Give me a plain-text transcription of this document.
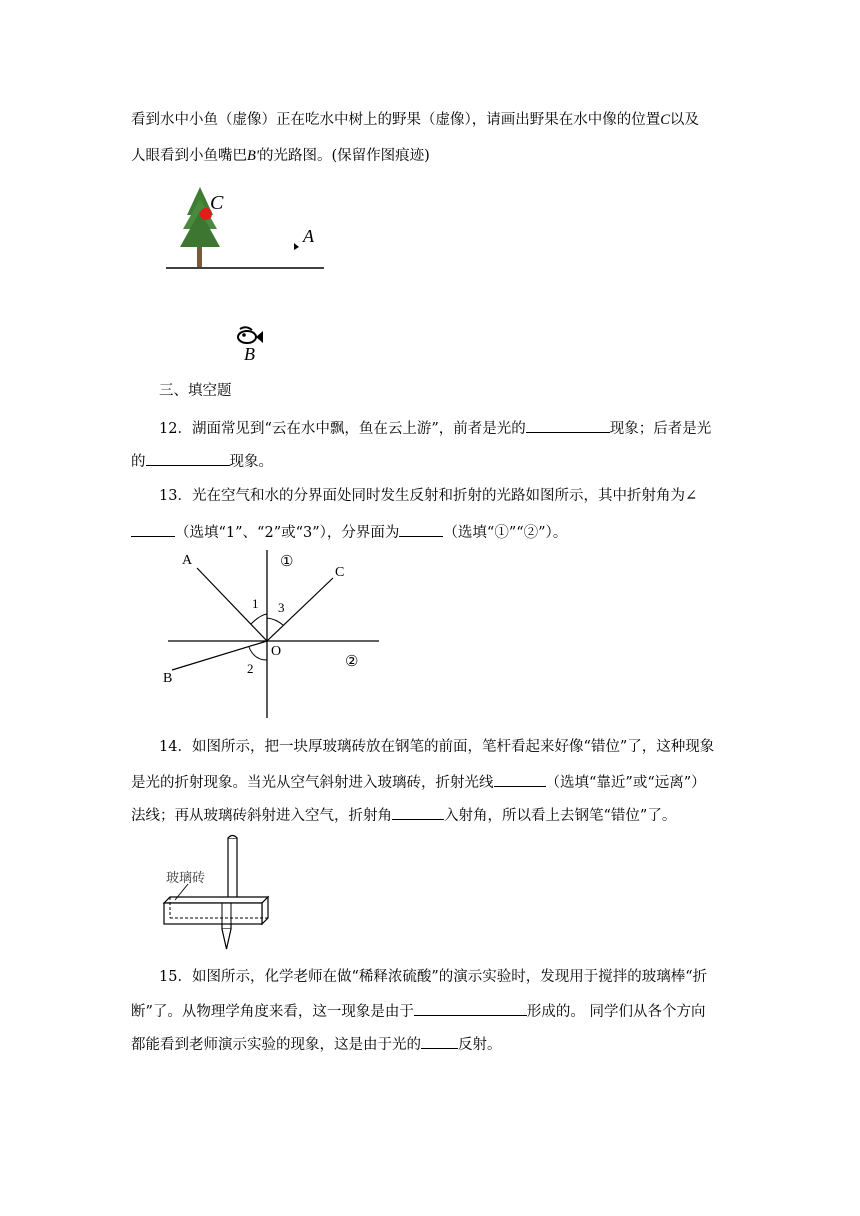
看到水中小鱼（虚像）正在吃水中树上的野果（虚像），请画出野果在水中像的位置C以及
人眼看到小鱼嘴巴B'的光路图。(保留作图痕迹)
C
A
B
三、填空题
12．湖面常见到“云在水中飘，鱼在云上游”，前者是光的	现象；后者是光
的	现象。
13．光在空气和水的分界面处同时发生反射和折射的光路如图所示，其中折射角为∠
（选填“1”、“2”或“3”），分界面为	（选填“①”“②”）。
A
B
C
O
1 3
2
①
②
14．如图所示，把一块厚玻璃砖放在钢笔的前面，笔杆看起来好像“错位”了，这种现象
是光的折射现象。当光从空气斜射进入玻璃砖，折射光线	（选填“靠近”或“远离”）
法线；再从玻璃砖斜射进入空气，折射角	入射角，所以看上去钢笔“错位”了。
玻璃砖
15．如图所示，化学老师在做“稀释浓硫酸”的演示实验时，发现用于搅拌的玻璃棒“折
断”了。从物理学角度来看，这一现象是由于	形成的。 同学们从各个方向
都能看到老师演示实验的现象，这是由于光的	反射。
